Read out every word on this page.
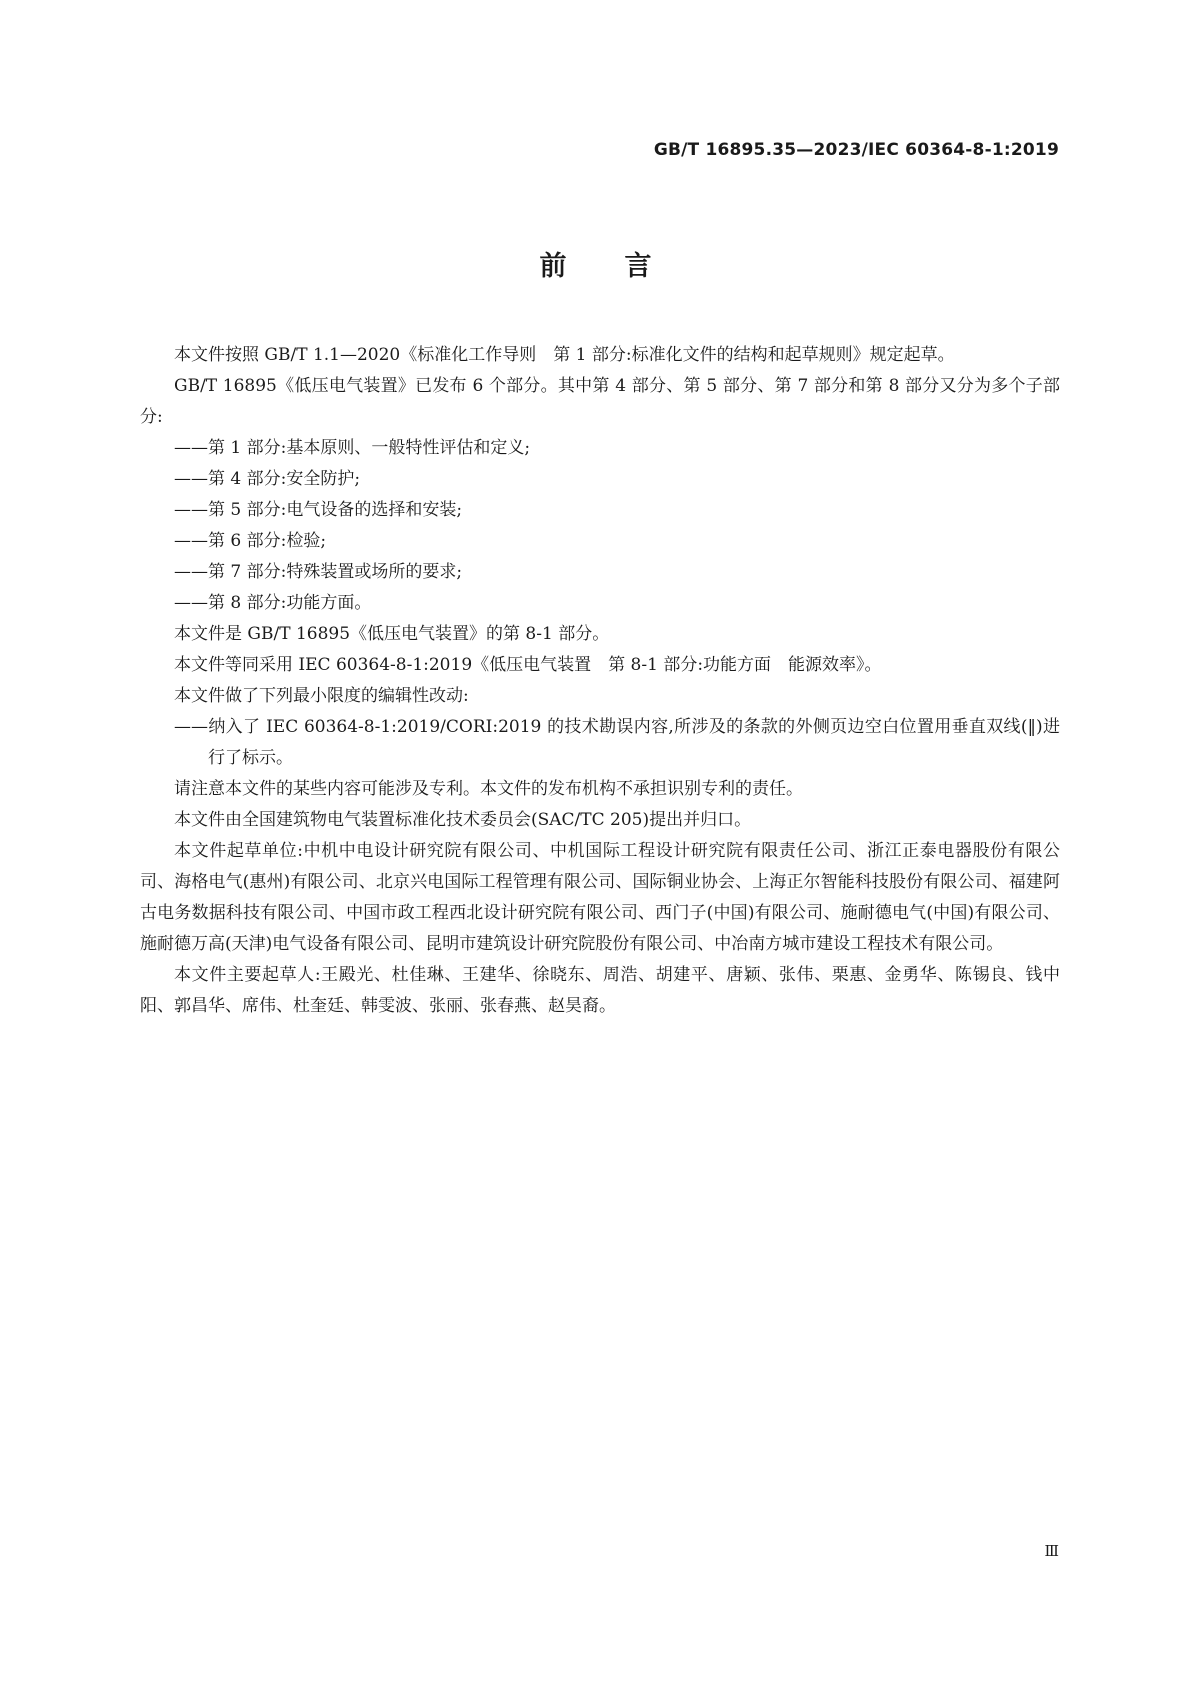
GB/T 16895.35—2023/IEC 60364-8-1:2019
前言

本文件按照 GB/T 1.1—2020《标准化工作导则　第 1 部分:标准化文件的结构和起草规则》规定起草。

GB/T 16895《低压电气装置》已发布 6 个部分。其中第 4 部分、第 5 部分、第 7 部分和第 8 部分又分为多个子部分:

——第 1 部分:基本原则、一般特性评估和定义;

——第 4 部分:安全防护;

——第 5 部分:电气设备的选择和安装;

——第 6 部分:检验;

——第 7 部分:特殊装置或场所的要求;

——第 8 部分:功能方面。

本文件是 GB/T 16895《低压电气装置》的第 8-1 部分。

本文件等同采用 IEC 60364-8-1:2019《低压电气装置　第 8-1 部分:功能方面　能源效率》。

本文件做了下列最小限度的编辑性改动:

——纳入了 IEC 60364-8-1:2019/CORI:2019 的技术勘误内容,所涉及的条款的外侧页边空白位置用垂直双线(‖)进行了标示。

请注意本文件的某些内容可能涉及专利。本文件的发布机构不承担识别专利的责任。

本文件由全国建筑物电气装置标准化技术委员会(SAC/TC 205)提出并归口。

本文件起草单位:中机中电设计研究院有限公司、中机国际工程设计研究院有限责任公司、浙江正泰电器股份有限公司、海格电气(惠州)有限公司、北京兴电国际工程管理有限公司、国际铜业协会、上海正尔智能科技股份有限公司、福建阿古电务数据科技有限公司、中国市政工程西北设计研究院有限公司、西门子(中国)有限公司、施耐德电气(中国)有限公司、施耐德万高(天津)电气设备有限公司、昆明市建筑设计研究院股份有限公司、中冶南方城市建设工程技术有限公司。

本文件主要起草人:王殿光、杜佳琳、王建华、徐晓东、周浩、胡建平、唐颖、张伟、栗惠、金勇华、陈锡良、钱中阳、郭昌华、席伟、杜奎廷、韩雯波、张丽、张春燕、赵昊裔。

Ⅲ
